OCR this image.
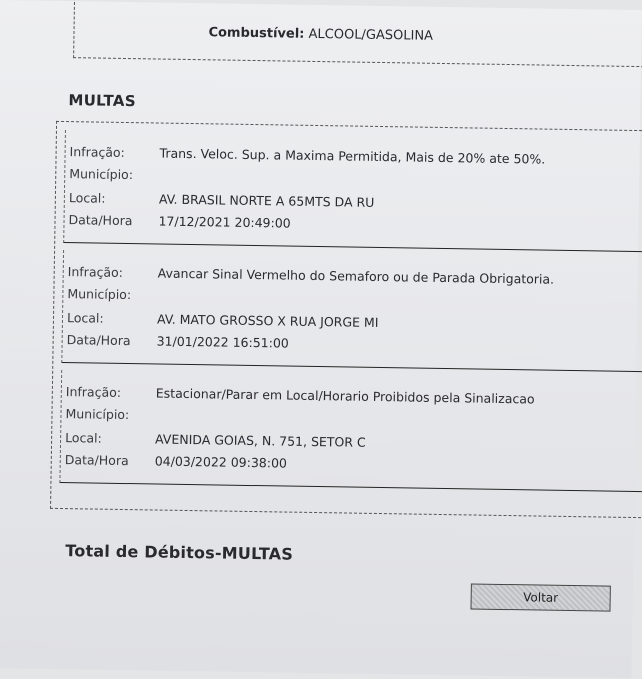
Combustível: ALCOOL/GASOLINA
MULTAS
Infração:	Trans. Veloc. Sup. a Maxima Permitida, Mais de 20% ate 50%.
Município:
Local:	AV. BRASIL NORTE A 65MTS DA RU
Data/Hora	17/12/2021 20:49:00
Infração:	Avancar Sinal Vermelho do Semaforo ou de Parada Obrigatoria.
Município:
Local:	AV. MATO GROSSO X RUA JORGE MI
Data/Hora	31/01/2022 16:51:00
Infração:	Estacionar/Parar em Local/Horario Proibidos pela Sinalizacao
Município:
Local:	AVENIDA GOIAS, N. 751, SETOR C
Data/Hora	04/03/2022 09:38:00
Total de Débitos-MULTAS
Voltar
